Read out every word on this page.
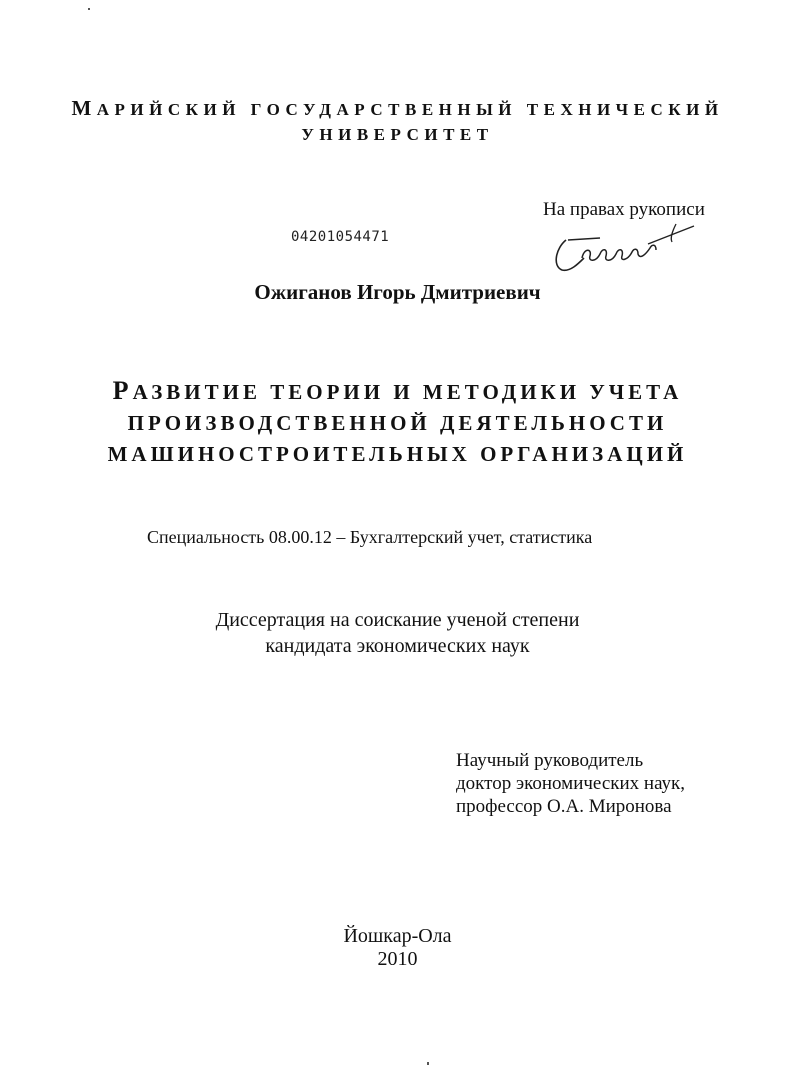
МАРИЙСКИЙ ГОСУДАРСТВЕННЫЙ ТЕХНИЧЕСКИЙ
УНИВЕРСИТЕТ
На правах рукописи
04201054471
Ожиганов Игорь Дмитриевич
РАЗВИТИЕ ТЕОРИИ И МЕТОДИКИ УЧЕТА
ПРОИЗВОДСТВЕННОЙ ДЕЯТЕЛЬНОСТИ
МАШИНОСТРОИТЕЛЬНЫХ ОРГАНИЗАЦИЙ
Специальность 08.00.12 – Бухгалтерский учет, статистика
Диссертация на соискание ученой степени
кандидата экономических наук
Научный руководитель
доктор экономических наук,
профессор О.А. Миронова
Йошкар-Ола
2010
